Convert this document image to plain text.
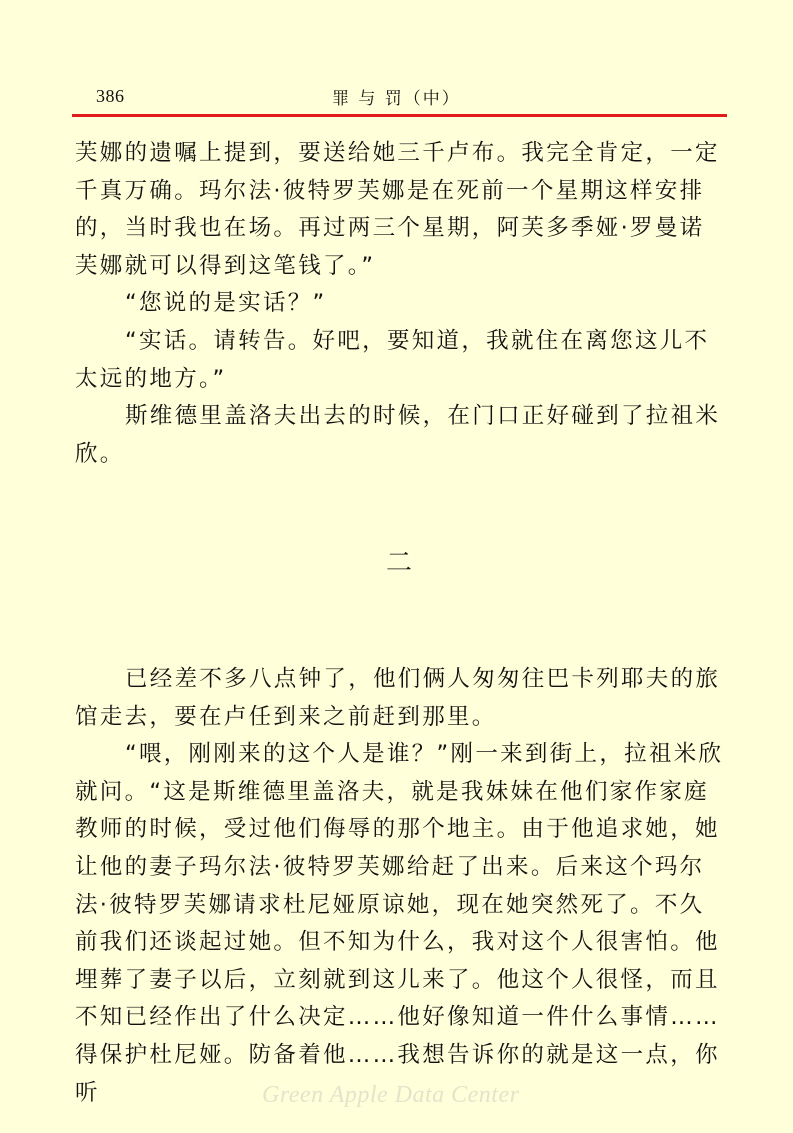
386	罪 与 罚（中）

芙娜的遗嘱上提到，要送给她三千卢布。我完全肯定，一定千真万确。玛尔法·彼特罗芙娜是在死前一个星期这样安排的，当时我也在场。再过两三个星期，阿芙多季娅·罗曼诺芙娜就可以得到这笔钱了。”

“您说的是实话？”

“实话。请转告。好吧，要知道，我就住在离您这儿不太远的地方。”

斯维德里盖洛夫出去的时候，在门口正好碰到了拉祖米欣。

二

已经差不多八点钟了，他们俩人匆匆往巴卡列耶夫的旅馆走去，要在卢任到来之前赶到那里。

“喂，刚刚来的这个人是谁？”刚一来到街上，拉祖米欣就问。“这是斯维德里盖洛夫，就是我妹妹在他们家作家庭教师的时候，受过他们侮辱的那个地主。由于他追求她，她让他的妻子玛尔法·彼特罗芙娜给赶了出来。后来这个玛尔法·彼特罗芙娜请求杜尼娅原谅她，现在她突然死了。不久前我们还谈起过她。但不知为什么，我对这个人很害怕。他埋葬了妻子以后，立刻就到这儿来了。他这个人很怪，而且不知已经作出了什么决定……他好像知道一件什么事情……得保护杜尼娅。防备着他……我想告诉你的就是这一点，你听	Green Apple Data Center
